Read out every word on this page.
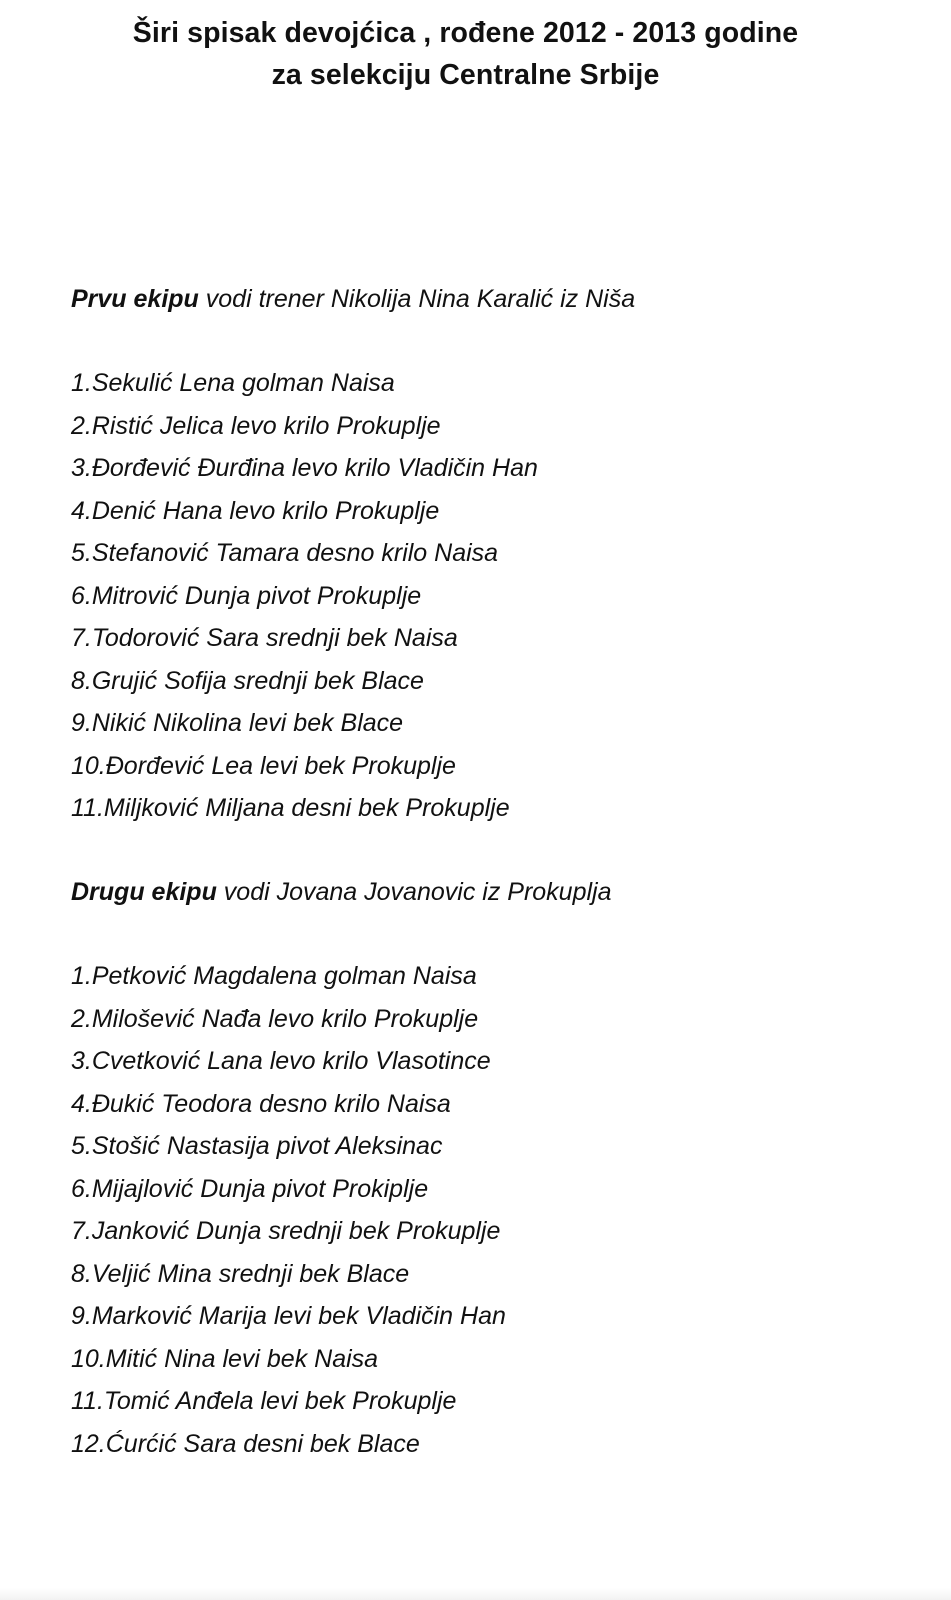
Širi spisak devojćica , rođene 2012 - 2013 godine
za selekciju Centralne Srbije
Prvu ekipu vodi trener Nikolija Nina Karalić iz Niša
1.Sekulić Lena golman Naisa
2.Ristić Jelica levo krilo Prokuplje
3.Đorđević Đurđina levo krilo Vladičin Han
4.Denić Hana levo krilo Prokuplje
5.Stefanović Tamara desno krilo Naisa
6.Mitrović Dunja pivot Prokuplje
7.Todorović Sara srednji bek Naisa
8.Grujić Sofija srednji bek Blace
9.Nikić Nikolina levi bek Blace
10.Đorđević Lea levi bek Prokuplje
11.Miljković Miljana desni bek Prokuplje
Drugu ekipu vodi Jovana Jovanovic iz Prokuplja
1.Petković Magdalena golman Naisa
2.Milošević Nađa levo krilo Prokuplje
3.Cvetković Lana levo krilo Vlasotince
4.Đukić Teodora desno krilo Naisa
5.Stošić Nastasija pivot Aleksinac
6.Mijajlović Dunja pivot Prokiplje
7.Janković Dunja srednji bek Prokuplje
8.Veljić Mina srednji bek Blace
9.Marković Marija levi bek Vladičin Han
10.Mitić Nina levi bek Naisa
11.Tomić Anđela levi bek Prokuplje
12.Ćurćić Sara desni bek Blace
